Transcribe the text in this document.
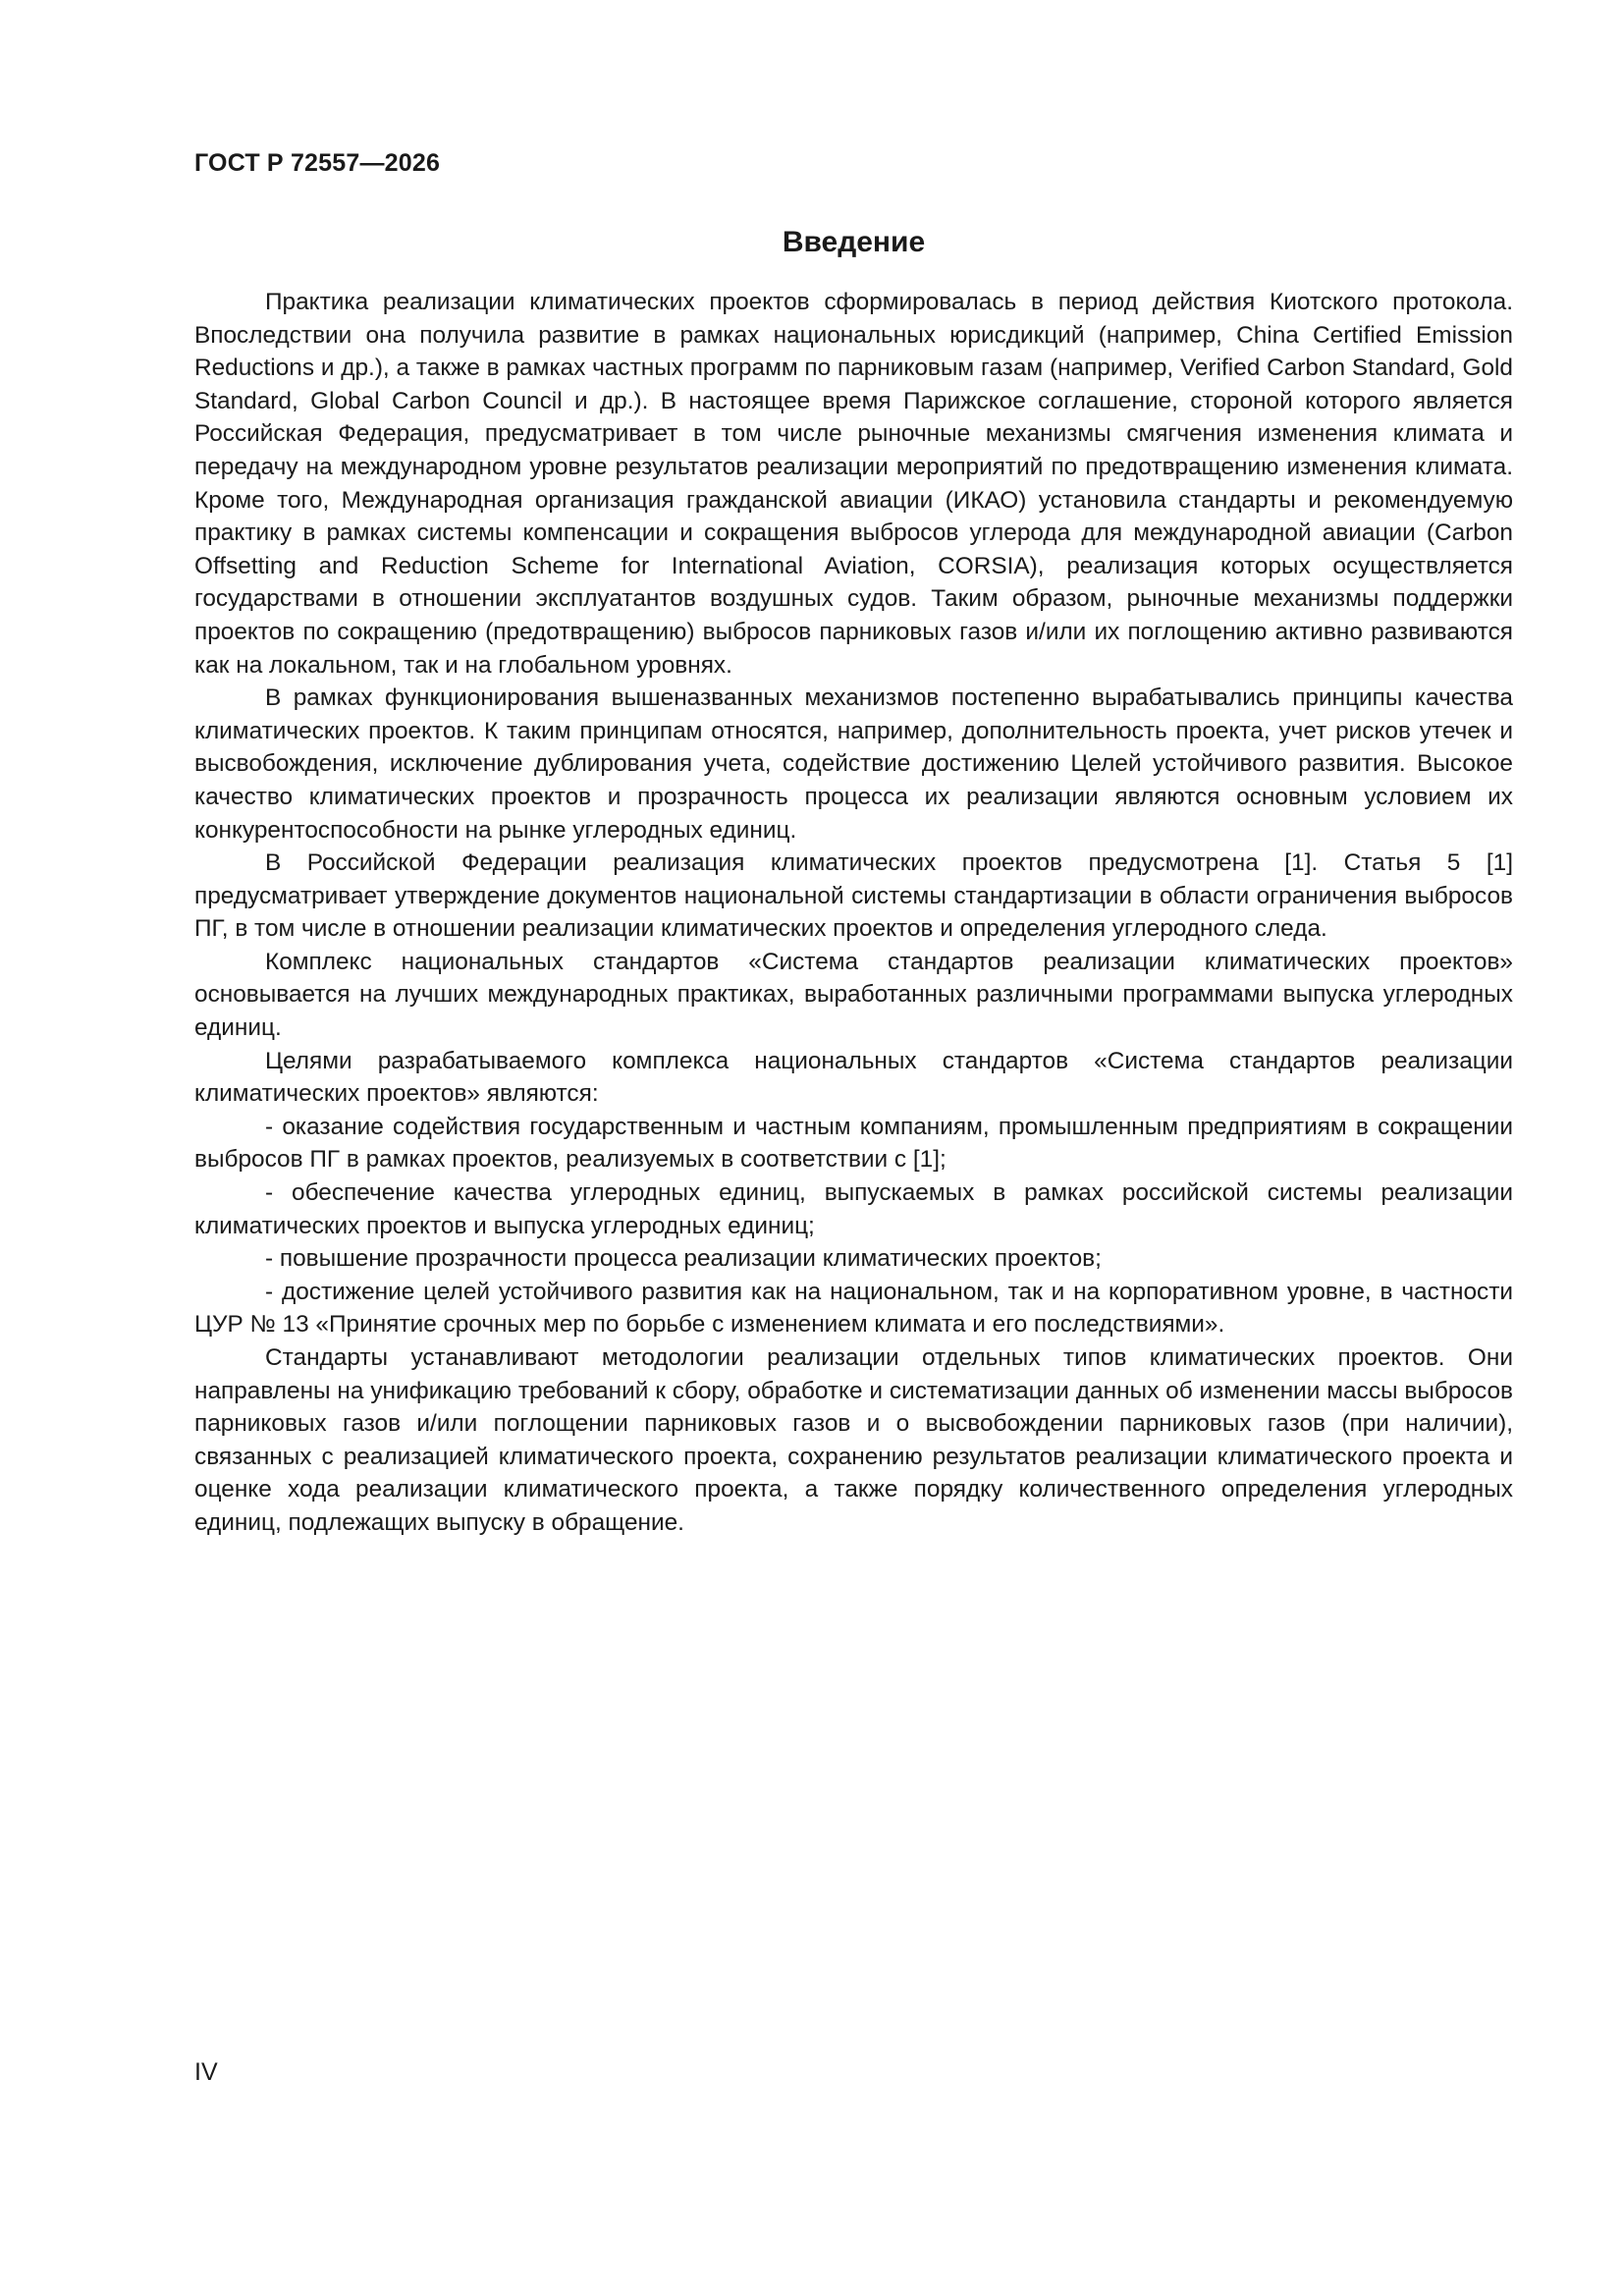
ГОСТ Р 72557—2026
Введение

Практика реализации климатических проектов сформировалась в период действия Киотского протокола. Впоследствии она получила развитие в рамках национальных юрисдикций (например, China Certified Emission Reductions и др.), а также в рамках частных программ по парниковым газам (например, Verified Carbon Standard, Gold Standard, Global Carbon Council и др.). В настоящее время Парижское соглашение, стороной которого является Российская Федерация, предусматривает в том числе рыночные механизмы смягчения изменения климата и передачу на международном уровне результатов реализации мероприятий по предотвращению изменения климата. Кроме того, Международная организация гражданской авиации (ИКАО) установила стандарты и рекомендуемую практику в рамках системы компенсации и сокращения выбросов углерода для международной авиации (Carbon Offsetting and Reduction Scheme for International Aviation, CORSIA), реализация которых осуществляется государствами в отношении эксплуатантов воздушных судов. Таким образом, рыночные механизмы поддержки проектов по сокращению (предотвращению) выбросов парниковых газов и/или их поглощению активно развиваются как на локальном, так и на глобальном уровнях.

В рамках функционирования вышеназванных механизмов постепенно вырабатывались принципы качества климатических проектов. К таким принципам относятся, например, дополнительность проекта, учет рисков утечек и высвобождения, исключение дублирования учета, содействие достижению Целей устойчивого развития. Высокое качество климатических проектов и прозрачность процесса их реализации являются основным условием их конкурентоспособности на рынке углеродных единиц.

В Российской Федерации реализация климатических проектов предусмотрена [1]. Статья 5 [1] предусматривает утверждение документов национальной системы стандартизации в области ограничения выбросов ПГ, в том числе в отношении реализации климатических проектов и определения углеродного следа.

Комплекс национальных стандартов «Система стандартов реализации климатических проектов» основывается на лучших международных практиках, выработанных различными программами выпуска углеродных единиц.

Целями разрабатываемого комплекса национальных стандартов «Система стандартов реализации климатических проектов» являются:

- оказание содействия государственным и частным компаниям, промышленным предприятиям в сокращении выбросов ПГ в рамках проектов, реализуемых в соответствии с [1];

- обеспечение качества углеродных единиц, выпускаемых в рамках российской системы реализации климатических проектов и выпуска углеродных единиц;

- повышение прозрачности процесса реализации климатических проектов;

- достижение целей устойчивого развития как на национальном, так и на корпоративном уровне, в частности ЦУР № 13 «Принятие срочных мер по борьбе с изменением климата и его последствиями».

Стандарты устанавливают методологии реализации отдельных типов климатических проектов. Они направлены на унификацию требований к сбору, обработке и систематизации данных об изменении массы выбросов парниковых газов и/или поглощении парниковых газов и о высвобождении парниковых газов (при наличии), связанных с реализацией климатического проекта, сохранению результатов реализации климатического проекта и оценке хода реализации климатического проекта, а также порядку количественного определения углеродных единиц, подлежащих выпуску в обращение.

IV
